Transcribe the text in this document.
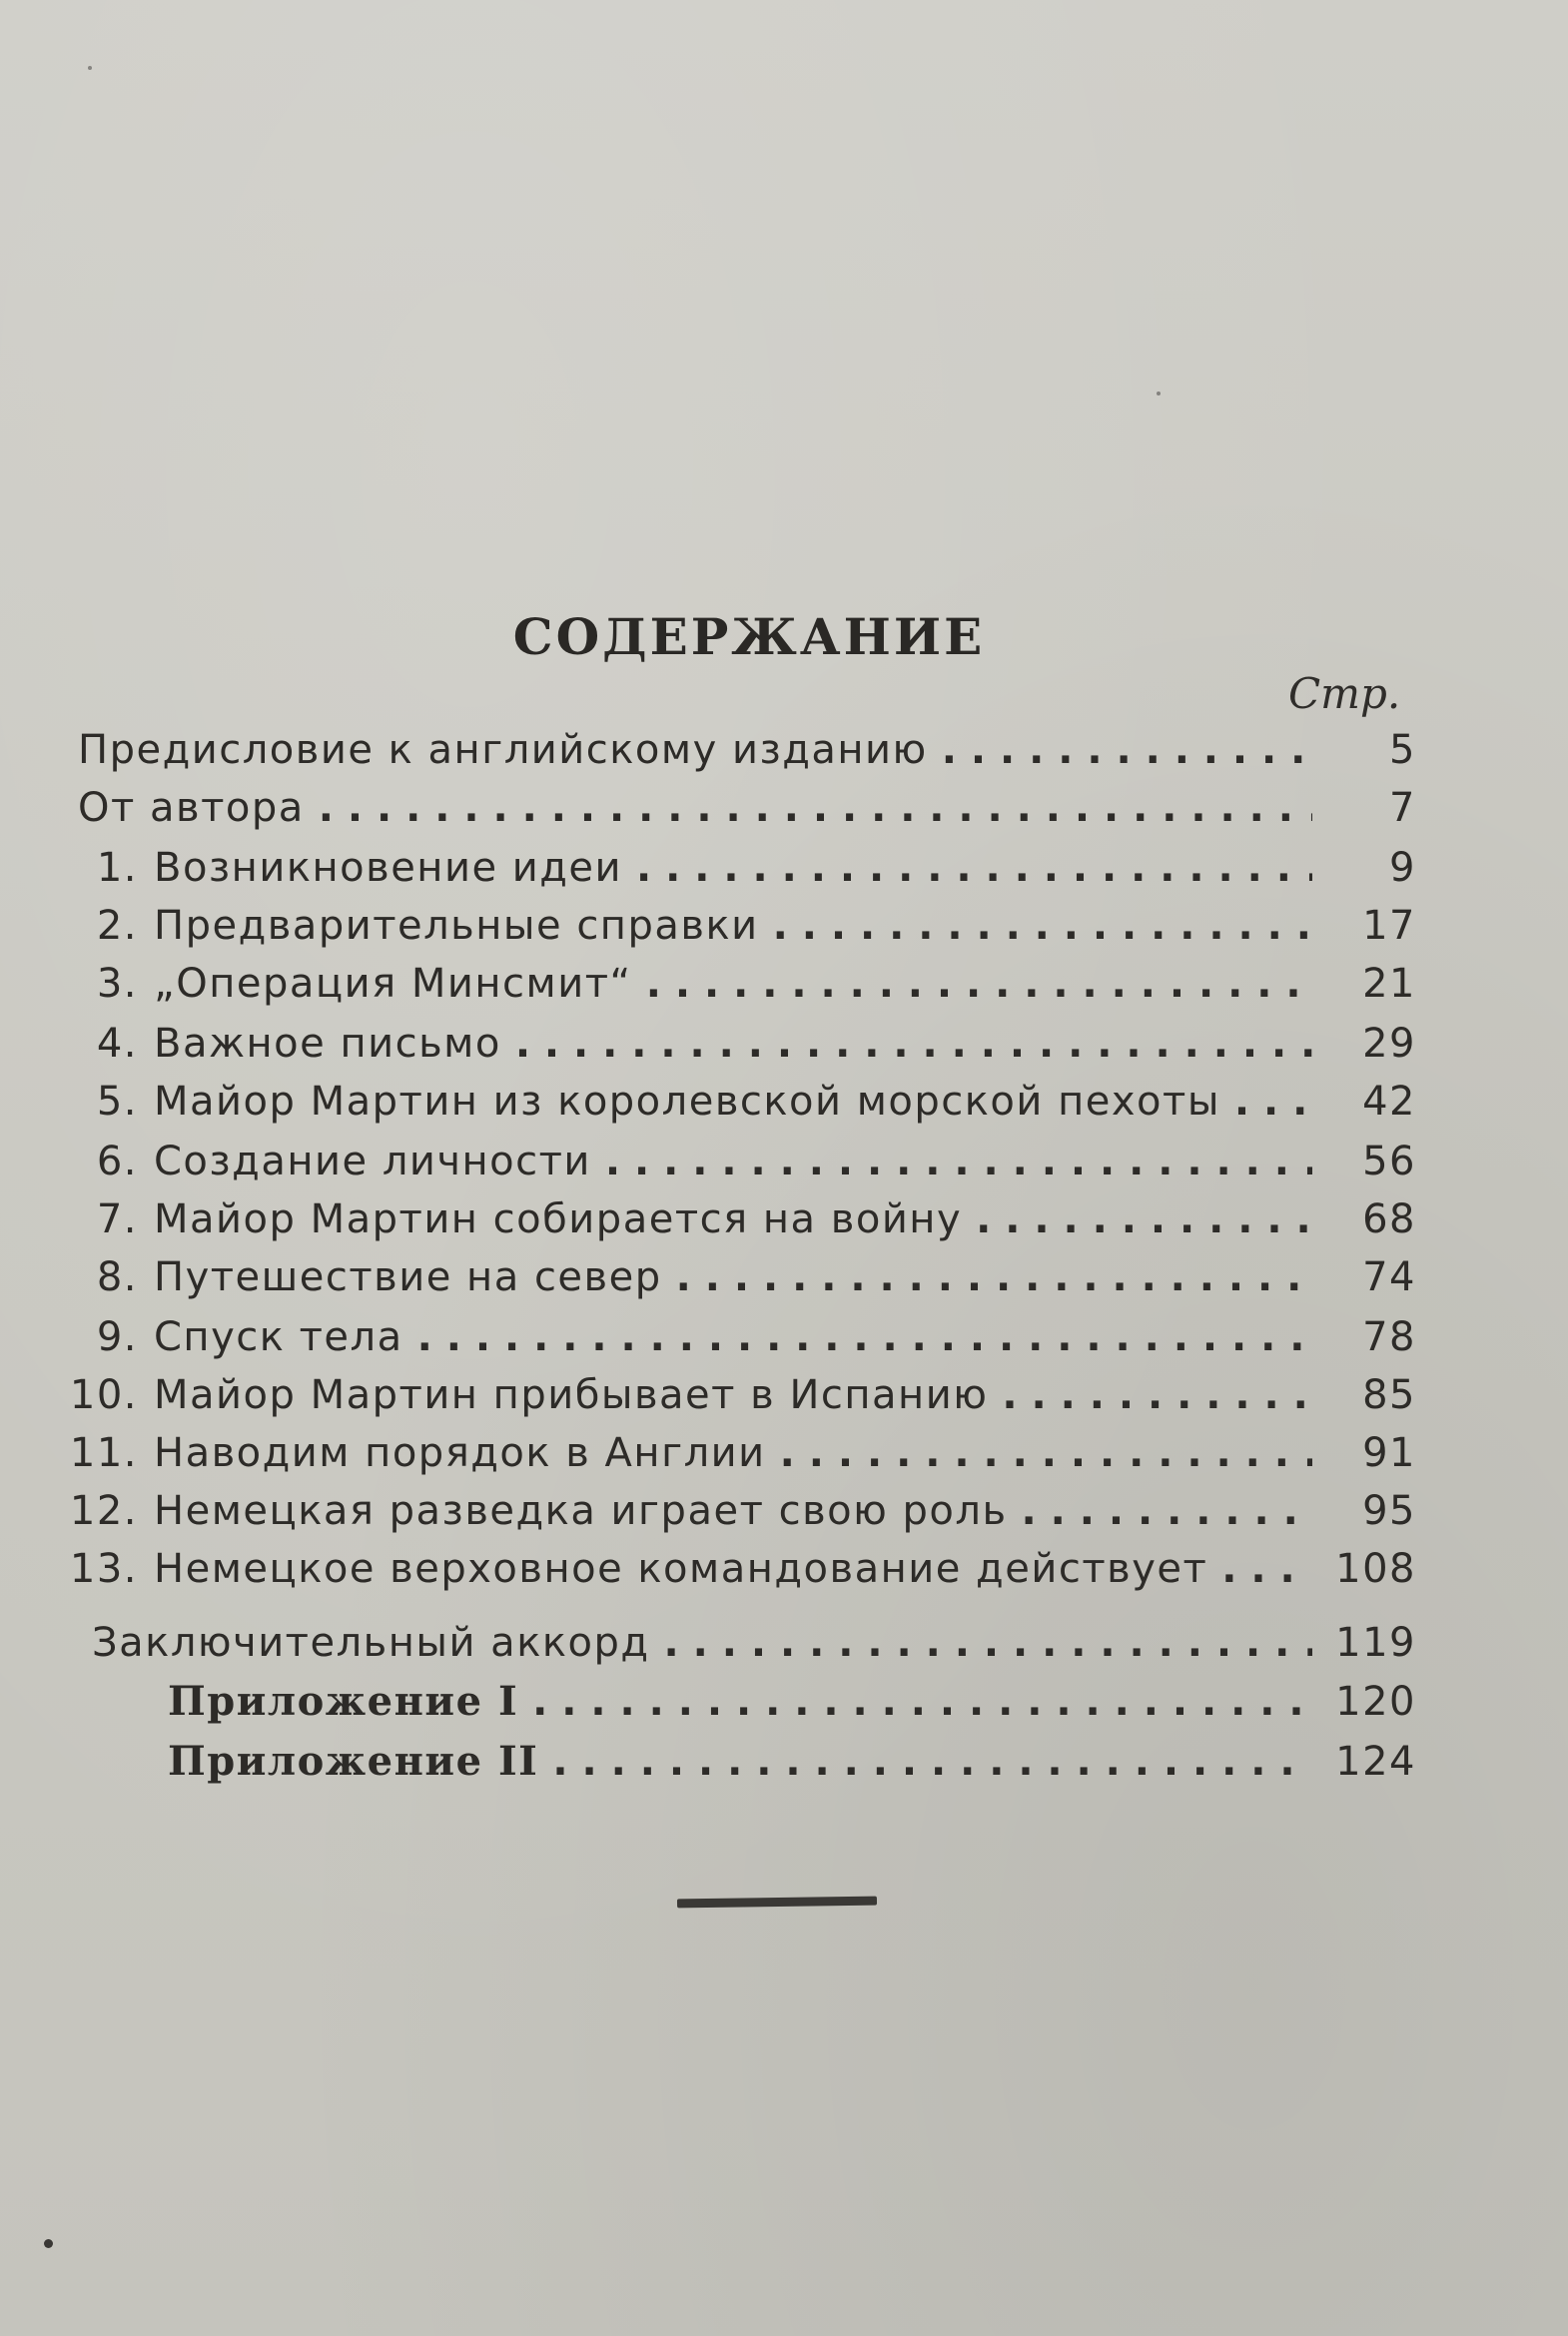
СОДЕРЖАНИЕ
Стр.
Предисловие к английскому изданию . . .	5
От автора . . .	7
1. Возникновение идеи . . .	9
2. Предварительные справки . . .	17
3. „Операция Минсмит“ . . .	21
4. Важное письмо . . .	29
5. Майор Мартин из королевской морской пехоты . . .	42
6. Создание личности . . .	56
7. Майор Мартин собирается на войну . . .	68
8. Путешествие на север . . .	74
9. Спуск тела . . .	78
10. Майор Мартин прибывает в Испанию . . .	85
11. Наводим порядок в Англии . . .	91
12. Немецкая разведка играет свою роль . . .	95
13. Немецкое верховное командование действует . . .	108
Заключительный аккорд . . .	119
Приложение I . . .	120
Приложение II . . .	124
